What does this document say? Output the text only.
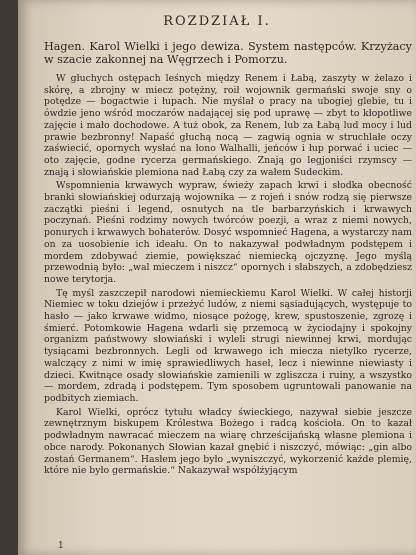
ROZDZIAŁ I.
Hagen. Karol Wielki i jego dewiza. System następców. Krzyżacy w szacie zakonnej na Węgrzech i Pomorzu.

W głuchych ostępach leśnych między Renem i Łabą, zaszyty w żelazo i skórę, a zbrojny w miecz potężny, roił wojownik germański swoje sny o potędze — bogactwie i łupach. Nie myślał o pracy na ubogiej glebie, tu i ówdzie jeno wśród moczarów nadającej się pod uprawę — zbyt to kłopotliwe zajęcie i mało dochodowe. A tuż obok, za Renem, lub za Łabą lud mocy i lud prawie bezbronny! Napaść głuchą nocą — zagwią ognia w struchlałe oczy zaświecić, opornych wysłać na łono Walhalli, jeńców i łup porwać i uciec — oto zajęcie, godne rycerza germańskiego. Znają go legjoniści rzymscy — znają i słowiańskie plemiona nad Łabą czy za wałem Sudeckim.

Wspomnienia krwawych wypraw, świeży zapach krwi i słodka obecność branki słowiańskiej odurzają wojownika — z rojeń i snów rodzą się pierwsze zaczątki pieśni i legend, osnutych na tle barbarzyńskich i krwawych poczynań. Pieśni rodzimy nowych twórców poezji, a wraz z niemi nowych, ponurych i krwawych bohaterów. Dosyć wspomnieć Hagena, a wystarczy nam on za uosobienie ich ideału. On to nakazywał podwładnym podstępem i mordem zdobywać ziemie, powiększać niemiecką ojczyznę. Jego myślą przewodnią było: „wal mieczem i niszcz“ opornych i słabszych, a zdobędziesz nowe terytorja.

Tę myśl zaszczepił narodowi niemieckiemu Karol Wielki. W całej historji Niemiec w toku dziejów i przeżyć ludów, z niemi sąsiadujących, występuje to hasło — jako krwawe widmo, niosące pożogę, krew, spustoszenie, zgrozę i śmierć. Potomkowie Hagena wdarli się przemocą w życiodajny i spokojny organizm państwowy słowiański i wyleli strugi niewinnej krwi, mordując tysiącami bezbronnych. Legli od krwawego ich miecza nietylko rycerze, walczący z nimi w imię sprawiedliwych haseł, lecz i niewinne niewiasty i dzieci. Kwitnące osady słowiańskie zamienili w zgliszcza i ruiny, a wszystko — mordem, zdradą i podstępem. Tym sposobem ugruntowali panowanie na podbitych ziemiach.

Karol Wielki, oprócz tytułu władcy świeckiego, nazywał siebie jeszcze zewnętrznym biskupem Królestwa Bożego i radcą kościoła. On to kazał podwładnym nawracać mieczem na wiarę chrześcijańską własne plemiona i obce narody. Pokonanych Słowian kazał gnębić i niszczyć, mówiąc: „gin albo zostań Germanem“. Hasłem jego było „wyniszczyć, wykorzenić każde plemię, które nie było germańskie.“ Nakazywał współżyjącym

1
